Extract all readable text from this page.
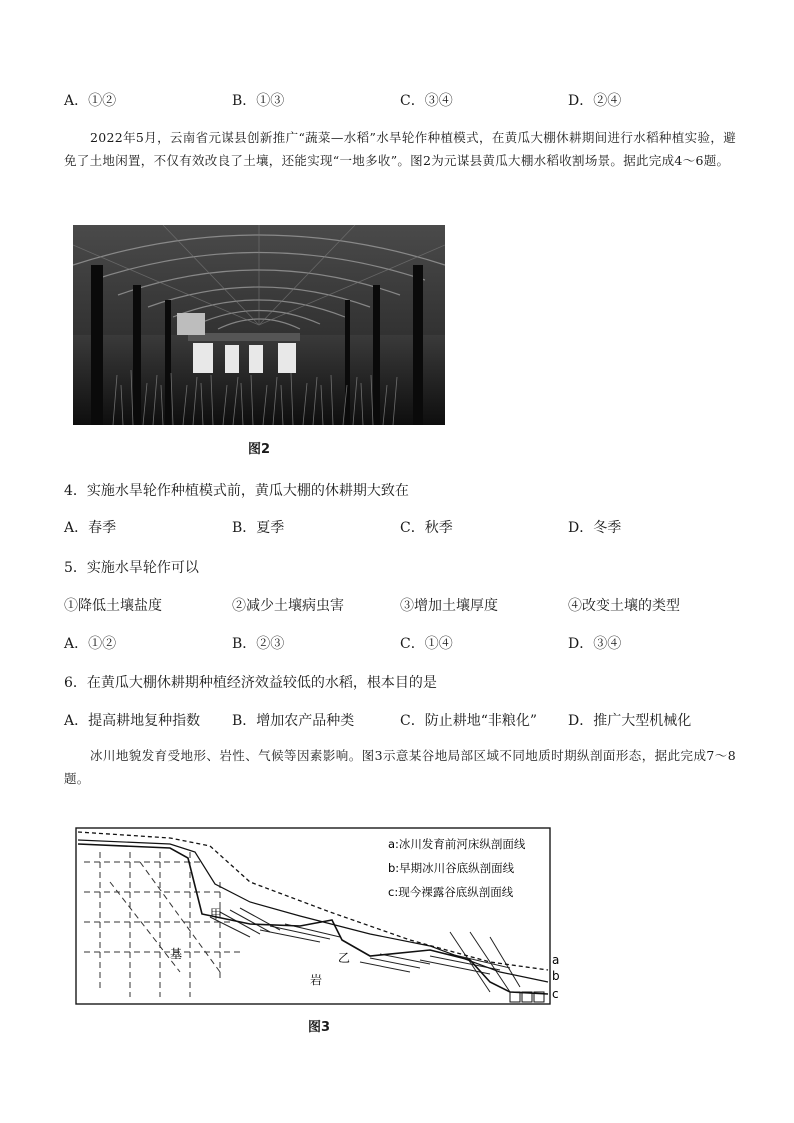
A．①②	B．①③	C．③④	D．②④
2022年5月，云南省元谋县创新推广“蔬菜—水稻”水旱轮作种植模式，在黄瓜大棚休耕期间进行水稻种植实验，避免了土地闲置，不仅有效改良了土壤，还能实现“一地多收”。图2为元谋县黄瓜大棚水稻收割场景。据此完成4～6题。
图2
4．实施水旱轮作种植模式前，黄瓜大棚的休耕期大致在
A．春季	B．夏季	C．秋季	D．冬季
5．实施水旱轮作可以
①降低土壤盐度	②减少土壤病虫害	③增加土壤厚度	④改变土壤的类型
A．①②	B．②③	C．①④	D．③④
6．在黄瓜大棚休耕期种植经济效益较低的水稻，根本目的是
A．提高耕地复种指数 B．增加农产品种类	C．防止耕地“非粮化” D．推广大型机械化
冰川地貌发育受地形、岩性、气候等因素影响。图3示意某谷地局部区域不同地质时期纵剖面形态，据此完成7～8题。
甲
乙
基
岩
a
b
c
a:冰川发育前河床纵剖面线
b:早期冰川谷底纵剖面线
c:现今裸露谷底纵剖面线
图3
